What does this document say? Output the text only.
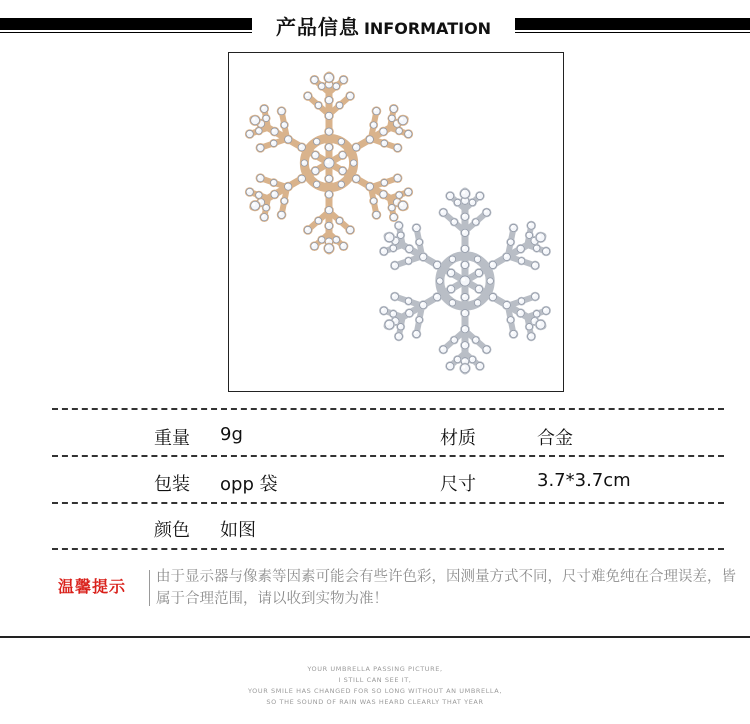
产品信息 INFORMATION
重量 9g	材质	合金
包装 opp 袋	尺寸	3.7*3.7cm
颜色 如图
温馨提示 由于显示器与像素等因素可能会有些许色彩，因测量方式不同，尺寸难免纯在合理误差，皆属于合理范围，请以收到实物为准！
YOUR UMBRELLA PASSING PICTURE,
I STILL CAN SEE IT,
YOUR SMILE HAS CHANGED FOR SO LONG WITHOUT AN UMBRELLA,
SO THE SOUND OF RAIN WAS HEARD CLEARLY THAT YEAR
